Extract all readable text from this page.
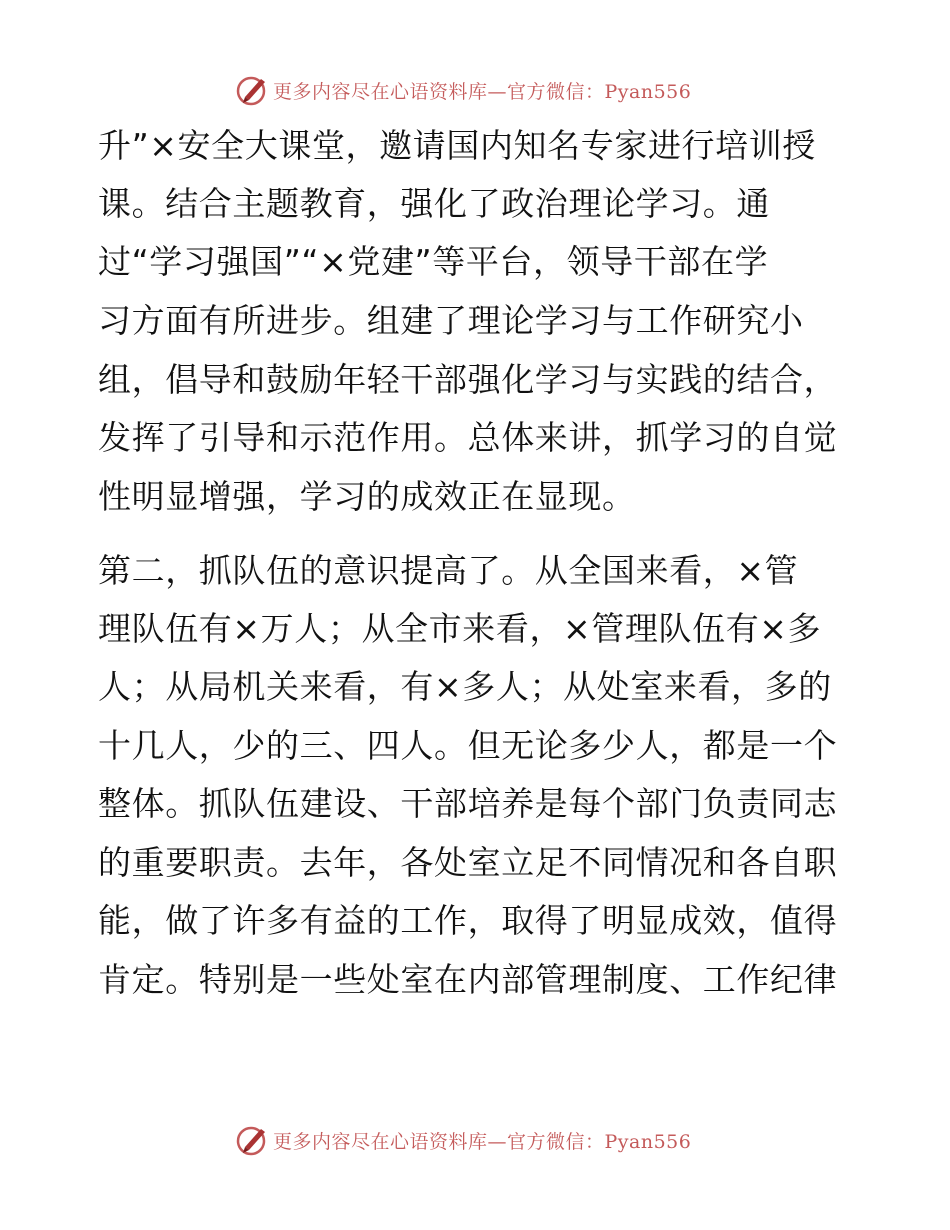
更多内容尽在心语资料库—官方微信：Pyan556
升”×安全大课堂，邀请国内知名专家进行培训授
课。结合主题教育，强化了政治理论学习。通
过“学习强国”“×党建”等平台，领导干部在学
习方面有所进步。组建了理论学习与工作研究小
组，倡导和鼓励年轻干部强化学习与实践的结合，
发挥了引导和示范作用。总体来讲，抓学习的自觉
性明显增强，学习的成效正在显现。
第二，抓队伍的意识提高了。从全国来看，×管
理队伍有×万人；从全市来看，×管理队伍有×多
人；从局机关来看，有×多人；从处室来看，多的
十几人，少的三、四人。但无论多少人，都是一个
整体。抓队伍建设、干部培养是每个部门负责同志
的重要职责。去年，各处室立足不同情况和各自职
能，做了许多有益的工作，取得了明显成效，值得
肯定。特别是一些处室在内部管理制度、工作纪律
更多内容尽在心语资料库—官方微信：Pyan556
